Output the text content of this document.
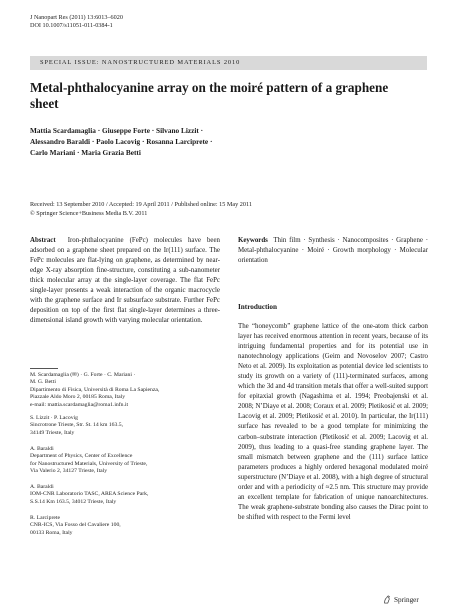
J Nanopart Res (2011) 13:6013–6020
DOI 10.1007/s11051-011-0384-1
SPECIAL ISSUE: NANOSTRUCTURED MATERIALS 2010
Metal-phthalocyanine array on the moiré pattern of a graphene sheet
Mattia Scardamaglia · Giuseppe Forte · Silvano Lizzit ·
Alessandro Baraldi · Paolo Lacovig · Rosanna Larciprete ·
Carlo Mariani · Maria Grazia Betti
Received: 13 September 2010 / Accepted: 19 April 2011 / Published online: 15 May 2011
© Springer Science+Business Media B.V. 2011
Abstract Iron-phthalocyanine (FePc) molecules have been adsorbed on a graphene sheet prepared on the Ir(111) surface. The FePc molecules are flat-lying on graphene, as determined by near-edge X-ray absorption fine-structure, constituting a sub-nanometer thick molecular array at the single-layer coverage. The flat FePc single-layer presents a weak interaction of the organic macrocycle with the graphene surface and Ir subsurface substrate. Further FePc deposition on top of the first flat single-layer determines a three-dimensional island growth with varying molecular orientation.
M. Scardamaglia (✉) · G. Forte · C. Mariani ·
M. G. Betti
Dipartimento di Fisica, Università di Roma La Sapienza,
Piazzale Aldo Moro 2, 00185 Roma, Italy
e-mail: mattia.scardamaglia@roma1.infn.it
S. Lizzit · P. Lacovig
Sincrotrone Trieste, Str. St. 14 km 163.5,
34149 Trieste, Italy
A. Baraldi
Department of Physics, Center of Excellence
for Nanostructured Materials, University of Trieste,
Via Valerio 2, 34127 Trieste, Italy
A. Baraldi
IOM-CNR Laboratorio TASC, AREA Science Park,
S.S.14 Km 163.5, 34012 Trieste, Italy
R. Larciprete
CNR-ICS, Via Fosso del Cavaliere 100,
00133 Roma, Italy
Keywords Thin film · Synthesis · Nanocomposites · Graphene · Metal-phthalocyanine · Moiré · Growth morphology · Molecular orientation
Introduction
The “honeycomb” graphene lattice of the one-atom thick carbon layer has received enormous attention in recent years, because of its intriguing fundamental properties and for its potential use in nanotechnology applications (Geim and Novoselov 2007; Castro Neto et al. 2009). Its exploitation as potential device led scientists to study its growth on a variety of (111)-terminated surfaces, among which the 3d and 4d transition metals that offer a well-suited support for epitaxial growth (Nagashima et al. 1994; Preobajenski et al. 2008; N’Diaye et al. 2008; Coraux et al. 2009; Pletikosić et al. 2009; Lacovig et al. 2009; Pletikosić et al. 2010). In particular, the Ir(111) surface has revealed to be a good template for minimizing the carbon–substrate interaction (Pletikosić et al. 2009; Lacovig et al. 2009), thus leading to a quasi-free standing graphene layer. The small mismatch between graphene and the (111) surface lattice parameters produces a highly ordered hexagonal modulated moiré superstructure (N’Diaye et al. 2008), with a high degree of structural order and with a periodicity of ≈2.5 nm. This structure may provide an excellent template for fabrication of unique nanoarchitectures. The weak graphene-substrate bonding also causes the Dirac point to be shifted with respect to the Fermi level
Springer
